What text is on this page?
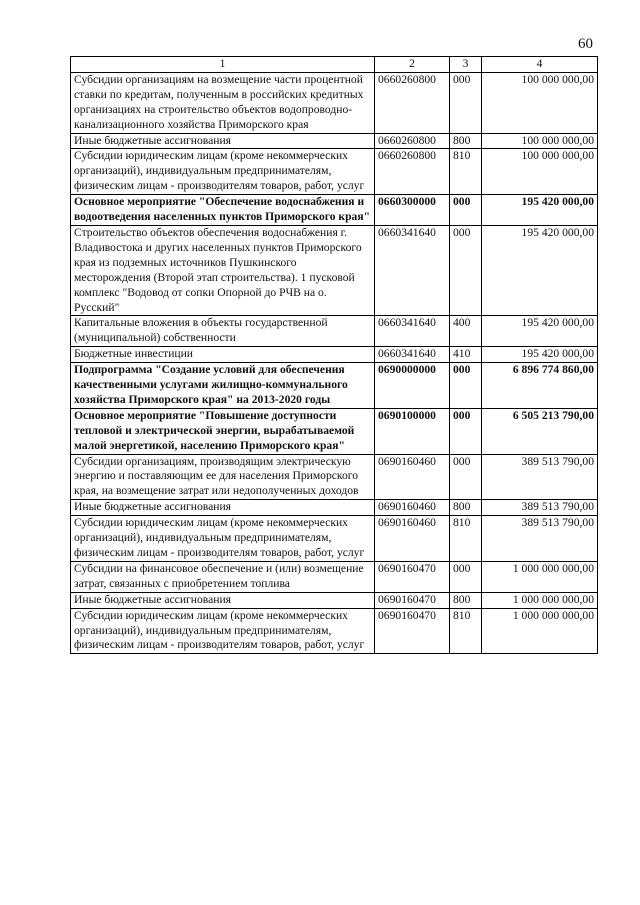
60
1	2	3	4
Субсидии организациям на возмещение части процентной ставки по кредитам, полученным в российских кредитных организациях на строительство объектов водопроводно-канализационного хозяйства Приморского края	0660260800	000	100 000 000,00
Иные бюджетные ассигнования	0660260800	800	100 000 000,00
Субсидии юридическим лицам (кроме некоммерческих организаций), индивидуальным предпринимателям, физическим лицам - производителям товаров, работ, услуг	0660260800	810	100 000 000,00
Основное мероприятие "Обеспечение водоснабжения и водоотведения населенных пунктов Приморского края"	0660300000	000	195 420 000,00
Строительство объектов обеспечения водоснабжения г. Владивостока и других населенных пунктов Приморского края из подземных источников Пушкинского месторождения (Второй этап строительства). 1 пусковой комплекс "Водовод от сопки Опорной до РЧВ на о. Русский"	0660341640	000	195 420 000,00
Капитальные вложения в объекты государственной (муниципальной) собственности	0660341640	400	195 420 000,00
Бюджетные инвестиции	0660341640	410	195 420 000,00
Подпрограмма "Создание условий для обеспечения качественными услугами жилищно-коммунального хозяйства Приморского края" на 2013-2020 годы	0690000000	000	6 896 774 860,00
Основное мероприятие "Повышение доступности тепловой и электрической энергии, вырабатываемой малой энергетикой, населению Приморского края"	0690100000	000	6 505 213 790,00
Субсидии организациям, производящим электрическую энергию и поставляющим ее для населения Приморского края, на возмещение затрат или недополученных доходов	0690160460	000	389 513 790,00
Иные бюджетные ассигнования	0690160460	800	389 513 790,00
Субсидии юридическим лицам (кроме некоммерческих организаций), индивидуальным предпринимателям, физическим лицам - производителям товаров, работ, услуг	0690160460	810	389 513 790,00
Субсидии на финансовое обеспечение и (или) возмещение затрат, связанных с приобретением топлива	0690160470	000	1 000 000 000,00
Иные бюджетные ассигнования	0690160470	800	1 000 000 000,00
Субсидии юридическим лицам (кроме некоммерческих организаций), индивидуальным предпринимателям, физическим лицам - производителям товаров, работ, услуг	0690160470	810	1 000 000 000,00
